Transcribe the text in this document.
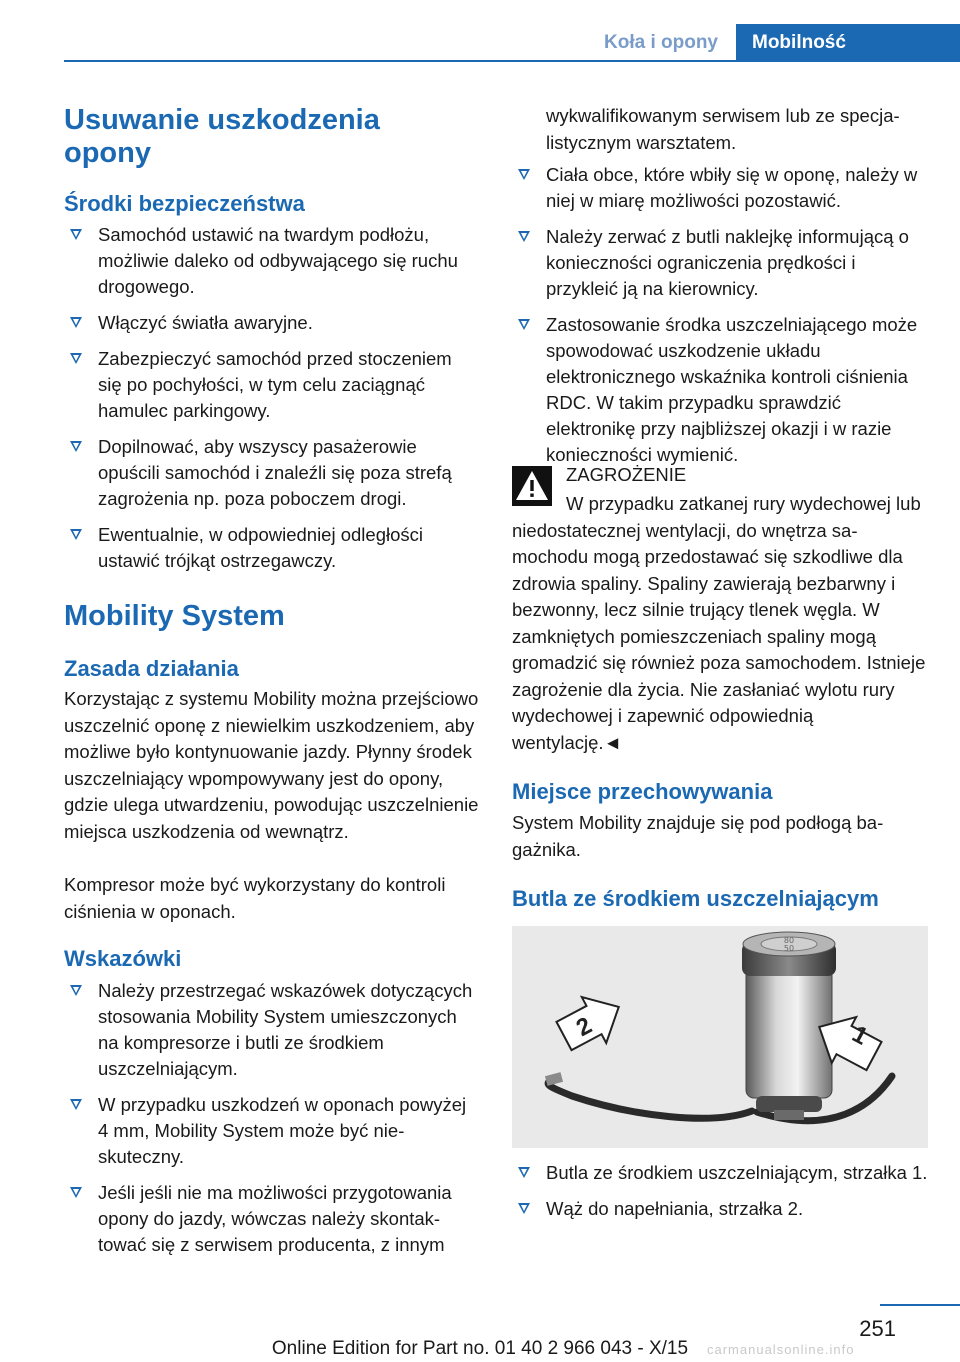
Koła i opony	Mobilność
Usuwanie uszkodzenia opony
Środki bezpieczeństwa
Samochód ustawić na twardym podłożu, możliwie daleko od odbywającego się ruchu drogowego.
Włączyć światła awaryjne.
Zabezpieczyć samochód przed stoczeniem się po pochyłości, w tym celu zaciągnąć hamulec parkingowy.
Dopilnować, aby wszyscy pasażerowie opuścili samochód i znaleźli się poza strefą zagrożenia np. poza poboczem drogi.
Ewentualnie, w odpowiedniej odległości ustawić trójkąt ostrzegawczy.
Mobility System
Zasada działania

Korzystając z systemu Mobility można przejściowo uszczelnić oponę z niewielkim uszkodzeniem, aby możliwe było kontynuowanie jazdy. Płynny środek uszczelniający wpompowywany jest do opony, gdzie ulega utwardzeniu, powodując uszczelnienie miejsca uszkodzenia od wewnątrz.

Kompresor może być wykorzystany do kontroli ciśnienia w oponach.

Wskazówki
Należy przestrzegać wskazówek dotyczących stosowania Mobility System umieszczonych na kompresorze i butli ze środkiem uszczelniającym.
W przypadku uszkodzeń w oponach powyżej 4 mm, Mobility System może być nieskuteczny.
Jeśli jeśli nie ma możliwości przygotowania opony do jazdy, wówczas należy skontaktować się z serwisem producenta, z innym

wykwalifikowanym serwisem lub ze specjalistycznym warsztatem.

Ciała obce, które wbiły się w oponę, należy w niej w miarę możliwości pozostawić.
Należy zerwać z butli naklejkę informującą o konieczności ograniczenia prędkości i przykleić ją na kierownicy.
Zastosowanie środka uszczelniającego może spowodować uszkodzenie układu elektronicznego wskaźnika kontroli ciśnienia RDC. W takim przypadku sprawdzić elektronikę przy najbliższej okazji i w razie konieczności wymienić.
ZAGROŻENIE

W przypadku zatkanej rury wydechowej lub niedostatecznej wentylacji, do wnętrza samochodu mogą przedostawać się szkodliwe dla zdrowia spaliny. Spaliny zawierają bezbarwny i bezwonny, lecz silnie trujący tlenek węgla. W zamkniętych pomieszczeniach spaliny mogą gromadzić się również poza samochodem. Istnieje zagrożenie dla życia. Nie zasłaniać wylotu rury wydechowej i zapewnić odpowiednią wentylację.◄

Miejsce przechowywania

System Mobility znajduje się pod podłogą bagażnika.

Butla ze środkiem uszczelniającym
80
50
2	1
Butla ze środkiem uszczelniającym, strzałka 1.
Wąż do napełniania, strzałka 2.
251
Online Edition for Part no. 01 40 2 966 043 - X/15	carmanualsonline.info
